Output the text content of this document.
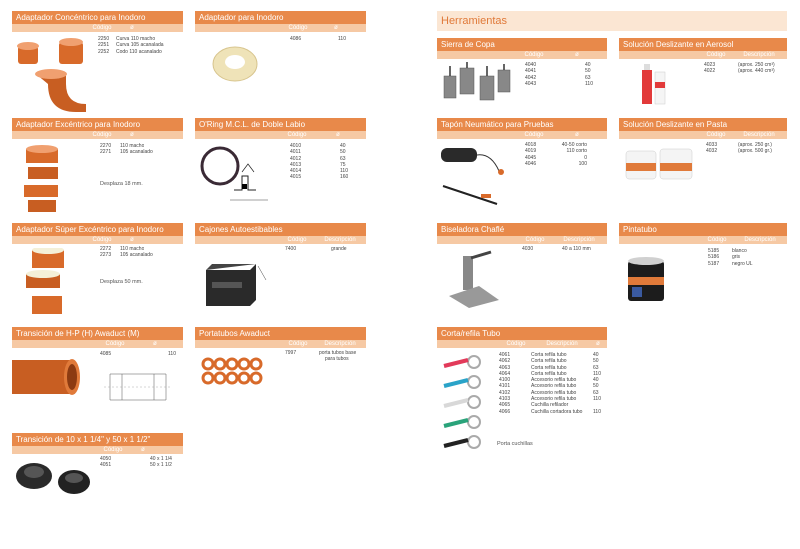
Adaptador Concéntrico para Inodoro
Código	ø
2250	Curva 110 macho
2251	Curva 105 acanalada
2252	Codo 110 acanalado
Adaptador para Inodoro
Código	ø
4086	110
Adaptador Excéntrico para Inodoro
Código	ø
2270	110 macho
2271	105 acanalado
Desplaza 18 mm.
O'Ring M.C.L. de Doble Labio
Código	ø
4010	40
4011	50
4012	63
4013	75
4014	110
4015	160
Adaptador Súper Excéntrico para Inodoro
Código	ø
2272	110 macho
2273	105 acanalado
Desplaza 50 mm.
Cajones Autoestibables
Código	Descripción
7400	grande
Transición de H-P (H) Awaduct (M)
Código	ø
4085	110
Portatubos Awaduct
Código	Descripción
7997	porta tubos base
para tubos
Transición de 10 x 1 1/4" y 50 x 1 1/2"
Código	ø
4050	40 x 1 1/4
4051	50 x 1 1/2
Herramientas
Sierra de Copa
Código	ø
4040	40
4041	50
4042	63
4043	110
Solución Deslizante en Aerosol
Código	Descripción
4023	(aprox. 250 cm³)
4022	(aprox. 440 cm³)
Tapón Neumático para Pruebas
Código	ø
4018	40-50 corto
4019	110 corto
4045	0
4046	100
Solución Deslizante en Pasta
Código	Descripción
4033	(aprox. 250 gr.)
4032	(aprox. 500 gr.)
Biseladora Chaflé
Código	Descripción
4030	40 a 110 mm
Pintatubo
Código	Descripción
5185	blanco
5186	gris
5187	negro UL
Corta/refila Tubo
Código	Descripción	ø
4061	Corta refila tubo	40
4062	Corta refila tubo	50
4063	Corta refila tubo	63
4064	Corta refila tubo	110
4100	Accesorio refila tubo	40
4101	Accesorio refila tubo	50
4102	Accesorio refila tubo	63
4103	Accesorio refila tubo	110
4065	Cuchilla refilador
4066	Cuchilla cortadora tubo	110
Porta cuchillas
